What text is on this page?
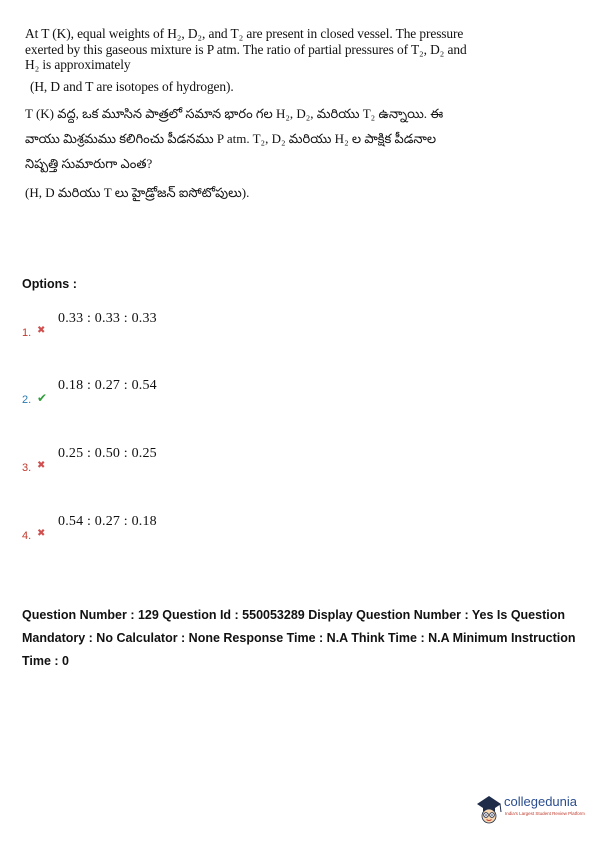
At T (K), equal weights of H₂, D₂, and T₂ are present in closed vessel. The pressure
exerted by this gaseous mixture is P atm. The ratio of partial pressures of T₂, D₂ and
H₂ is approximately
(H, D and T are isotopes of hydrogen).
T (K) వద్ద, ఒక మూసిన పాత్రలో సమాన భారం గల H₂, D₂, మరియు T₂ ఉన్నాయి. ఈ
వాయు మిశ్రమము కలిగించు పీడనము P atm. T₂, D₂ మరియు H₂ ల పాక్షిక పీడనాల
నిష్పత్తి సుమారుగా ఎంత?
(H, D మరియు T లు హైడ్రోజన్ ఐసోటోపులు).
Options :
1. ✖
0.33 : 0.33 : 0.33
2. ✔
0.18 : 0.27 : 0.54
3. ✖
0.25 : 0.50 : 0.25
4. ✖
0.54 : 0.27 : 0.18
Question Number : 129 Question Id : 550053289 Display Question Number : Yes Is Question
Mandatory : No Calculator : None Response Time : N.A Think Time : N.A Minimum Instruction
Time : 0
collegedunia
India's Largest Student Review Platform
